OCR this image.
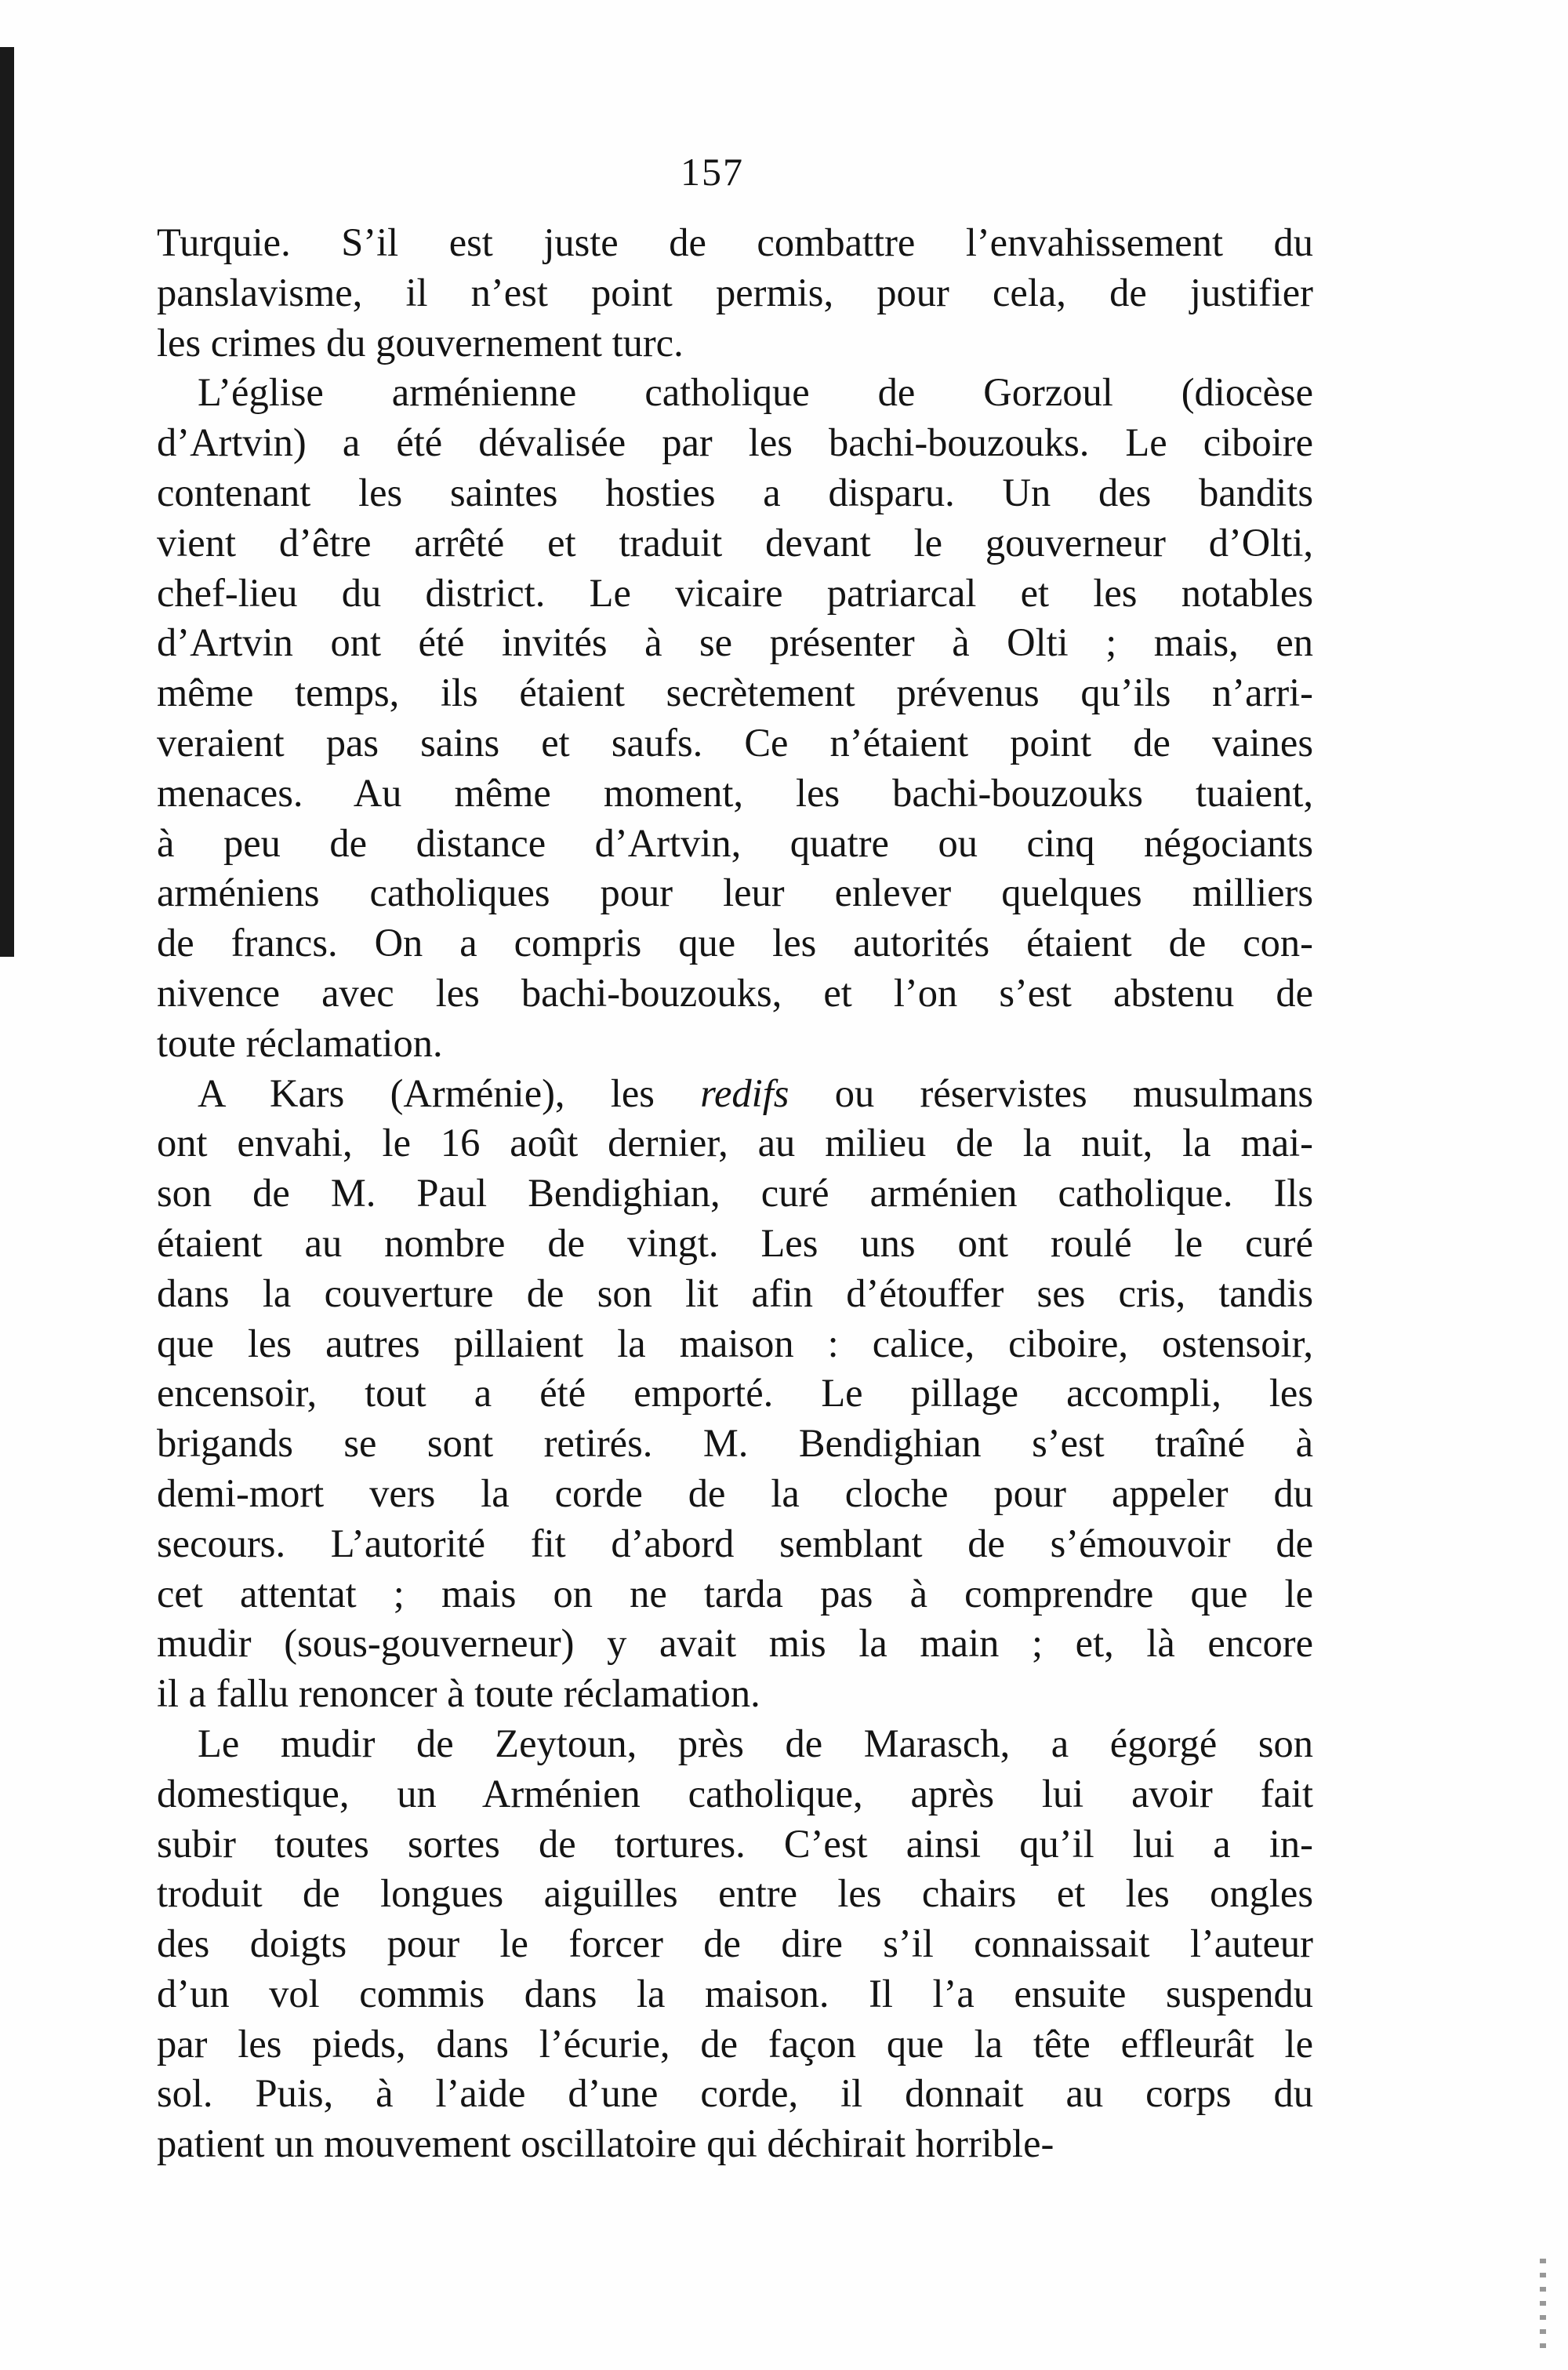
157
Turquie. S’il est juste de combattre l’envahissement du
panslavisme, il n’est point permis, pour cela, de justifier
les crimes du gouvernement turc.
L’église arménienne catholique de Gorzoul (diocèse
d’Artvin) a été dévalisée par les bachi-bouzouks. Le ciboire
contenant les saintes hosties a disparu. Un des bandits
vient d’être arrêté et traduit devant le gouverneur d’Olti,
chef-lieu du district. Le vicaire patriarcal et les notables
d’Artvin ont été invités à se présenter à Olti ; mais, en
même temps, ils étaient secrètement prévenus qu’ils n’arri-
veraient pas sains et saufs. Ce n’étaient point de vaines
menaces. Au même moment, les bachi-bouzouks tuaient,
à peu de distance d’Artvin, quatre ou cinq négociants
arméniens catholiques pour leur enlever quelques milliers
de francs. On a compris que les autorités étaient de con-
nivence avec les bachi-bouzouks, et l’on s’est abstenu de
toute réclamation.
A Kars (Arménie), les redifs ou réservistes musulmans
ont envahi, le 16 août dernier, au milieu de la nuit, la mai-
son de M. Paul Bendighian, curé arménien catholique. Ils
étaient au nombre de vingt. Les uns ont roulé le curé
dans la couverture de son lit afin d’étouffer ses cris, tandis
que les autres pillaient la maison : calice, ciboire, ostensoir,
encensoir, tout a été emporté. Le pillage accompli, les
brigands se sont retirés. M. Bendighian s’est traîné à
demi-mort vers la corde de la cloche pour appeler du
secours. L’autorité fit d’abord semblant de s’émouvoir de
cet attentat ; mais on ne tarda pas à comprendre que le
mudir (sous-gouverneur) y avait mis la main ; et, là encore
il a fallu renoncer à toute réclamation.
Le mudir de Zeytoun, près de Marasch, a égorgé son
domestique, un Arménien catholique, après lui avoir fait
subir toutes sortes de tortures. C’est ainsi qu’il lui a in-
troduit de longues aiguilles entre les chairs et les ongles
des doigts pour le forcer de dire s’il connaissait l’auteur
d’un vol commis dans la maison. Il l’a ensuite suspendu
par les pieds, dans l’écurie, de façon que la tête effleurât le
sol. Puis, à l’aide d’une corde, il donnait au corps du
patient un mouvement oscillatoire qui déchirait horrible-
